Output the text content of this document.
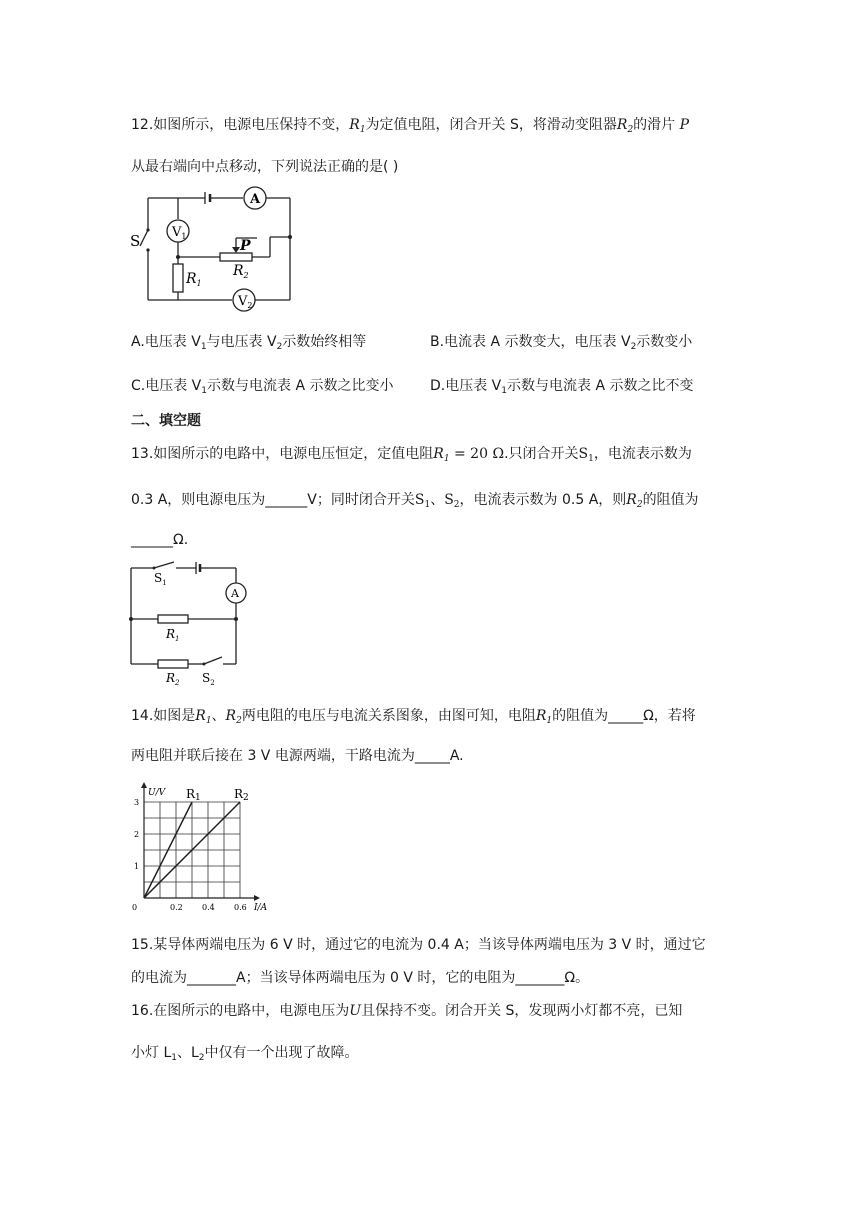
12.如图所示，电源电压保持不变，$R_1$为定值电阻，闭合开关 S，将滑动变阻器$R_2$的滑片 P
从最右端向中点移动，下列说法正确的是( )
S
A
$V_1$
$V_2$
P
$R_2$
$R_1$
A.电压表 $V_1$与电压表 $V_2$示数始终相等	B.电流表 A 示数变大，电压表 $V_2$示数变小
C.电压表 $V_1$示数与电流表 A 示数之比变小	D.电压表 $V_1$示数与电流表 A 示数之比不变
二、填空题
13.如图所示的电路中，电源电压恒定，定值电阻$R_1 = 20$ Ω.只闭合开关$S_1$，电流表示数为
0.3 A，则电源电压为______V；同时闭合开关$S_1$、$S_2$，电流表示数为 0.5 A，则$R_2$的阻值为
______Ω.
A
$S_1$
$R_1$
$R_2$ $S_2$
14.如图是$R_1$、$R_2$两电阻的电压与电流关系图象，由图可知，电阻$R_1$的阻值为_____Ω，若将
两电阻并联后接在 3 V 电源两端，干路电流为_____A.
R1	R2
0	0.2 0.4 0.6
1
2
3
U/V
I/A
15.某导体两端电压为 6 V 时，通过它的电流为 0.4 A；当该导体两端电压为 3 V 时，通过它
的电流为_______A；当该导体两端电压为 0 V 时，它的电阻为_______Ω。
16.在图所示的电路中，电源电压为U且保持不变。闭合开关 S，发现两小灯都不亮，已知
小灯 $L_1$、$L_2$中仅有一个出现了故障。
